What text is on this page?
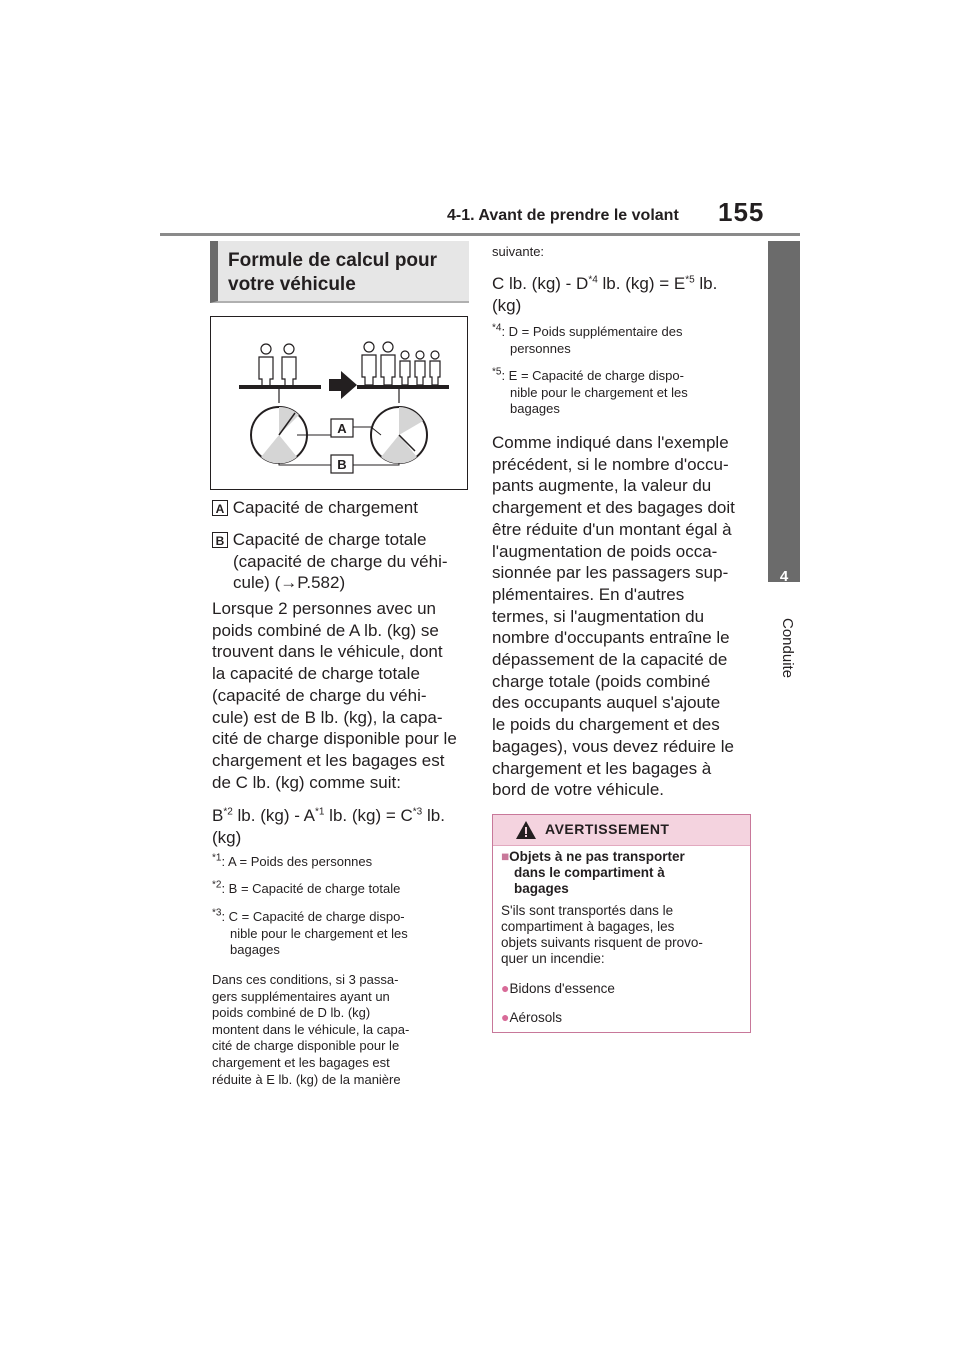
4-1. Avant de prendre le volant 155
4
Conduite
Formule de calcul pour
votre véhicule
A
B
A Capacité de chargement
B Capacité de charge totale
(capacité de charge du véhi-
cule) (→P.582)
Lorsque 2 personnes avec un
poids combiné de A lb. (kg) se
trouvent dans le véhicule, dont
la capacité de charge totale
(capacité de charge du véhi-
cule) est de B lb. (kg), la capa-
cité de charge disponible pour le
chargement et les bagages est
de C lb. (kg) comme suit:
$B^{*2}$ lb. $(kg) - A^{*1}$ lb. $(kg) = C^{*3}$ lb.
(kg)
$^{*1}$: A = Poids des personnes
$^{*2}$: B = Capacité de charge totale
$^{*3}$: C = Capacité de charge dispo-
nible pour le chargement et les
bagages
Dans ces conditions, si 3 passa-
gers supplémentaires ayant un
poids combiné de D lb. (kg)
montent dans le véhicule, la capa-
cité de charge disponible pour le
chargement et les bagages est
réduite à E lb. (kg) de la manière
suivante:
C lb. $(kg) - D^{*4}$ lb. $(kg) = E^{*5}$ lb.
(kg)
$^{*4}$: D = Poids supplémentaire des
personnes
$^{*5}$: E = Capacité de charge dispo-
nible pour le chargement et les
bagages
Comme indiqué dans l'exemple
précédent, si le nombre d'occu-
pants augmente, la valeur du
chargement et des bagages doit
être réduite d'un montant égal à
l'augmentation de poids occa-
sionnée par les passagers sup-
plémentaires. En d'autres
termes, si l'augmentation du
nombre d'occupants entraîne le
dépassement de la capacité de
charge totale (poids combiné
des occupants auquel s'ajoute
le poids du chargement et des
bagages), vous devez réduire le
chargement et les bagages à
bord de votre véhicule.
AVERTISSEMENT
■Objets à ne pas transporter
dans le compartiment à
bagages
S'ils sont transportés dans le
compartiment à bagages, les
objets suivants risquent de provo-
quer un incendie:
●Bidons d'essence
●Aérosols
